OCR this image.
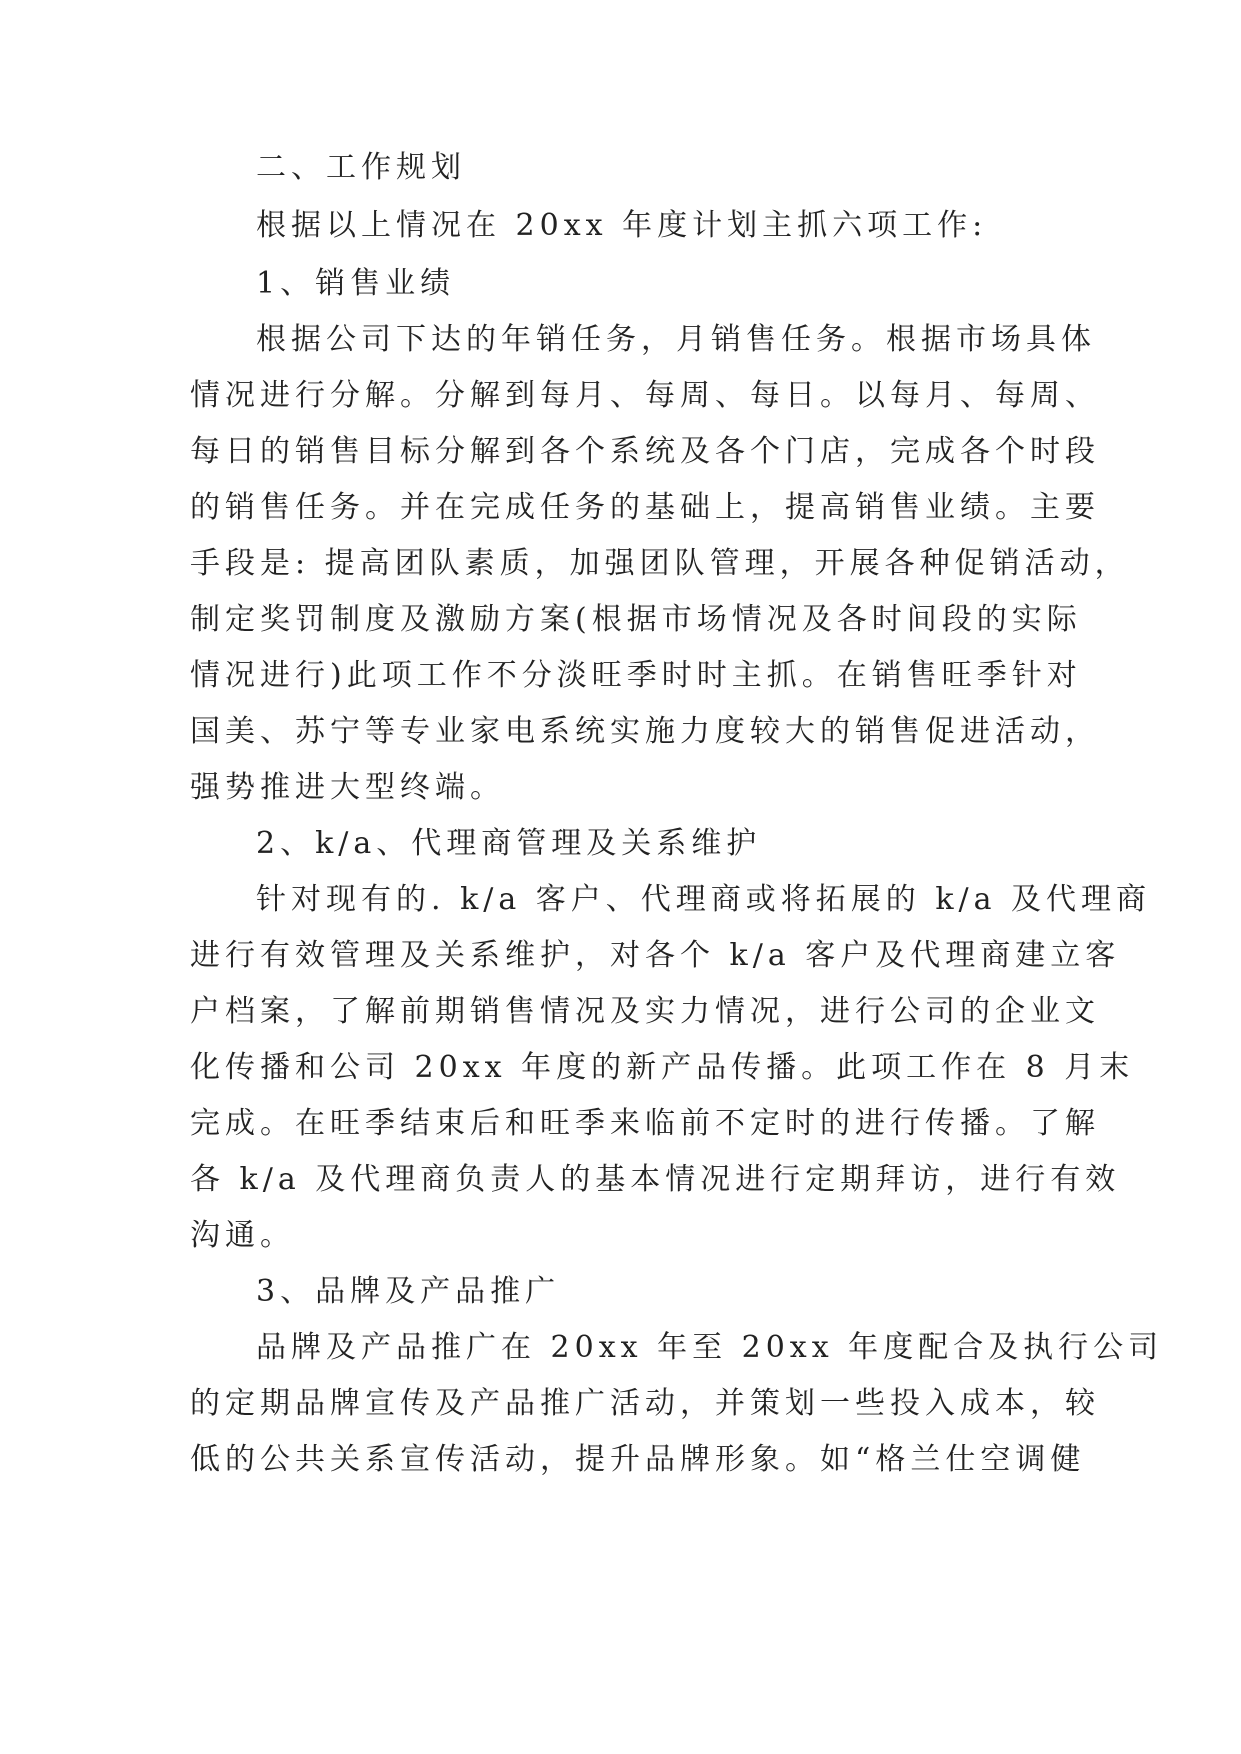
二、工作规划
根据以上情况在 20xx 年度计划主抓六项工作:
1、销售业绩
根据公司下达的年销任务，月销售任务。根据市场具体
情况进行分解。分解到每月、每周、每日。以每月、每周、
每日的销售目标分解到各个系统及各个门店，完成各个时段
的销售任务。并在完成任务的基础上，提高销售业绩。主要
手段是: 提高团队素质，加强团队管理，开展各种促销活动，
制定奖罚制度及激励方案(根据市场情况及各时间段的实际
情况进行)此项工作不分淡旺季时时主抓。在销售旺季针对
国美、苏宁等专业家电系统实施力度较大的销售促进活动，
强势推进大型终端。
2、k/a、代理商管理及关系维护
针对现有的. k/a 客户、代理商或将拓展的 k/a 及代理商
进行有效管理及关系维护，对各个 k/a 客户及代理商建立客
户档案，了解前期销售情况及实力情况，进行公司的企业文
化传播和公司 20xx 年度的新产品传播。此项工作在 8 月末
完成。在旺季结束后和旺季来临前不定时的进行传播。了解
各 k/a 及代理商负责人的基本情况进行定期拜访，进行有效
沟通。
3、品牌及产品推广
品牌及产品推广在 20xx 年至 20xx 年度配合及执行公司
的定期品牌宣传及产品推广活动，并策划一些投入成本，较
低的公共关系宣传活动，提升品牌形象。如“格兰仕空调健
